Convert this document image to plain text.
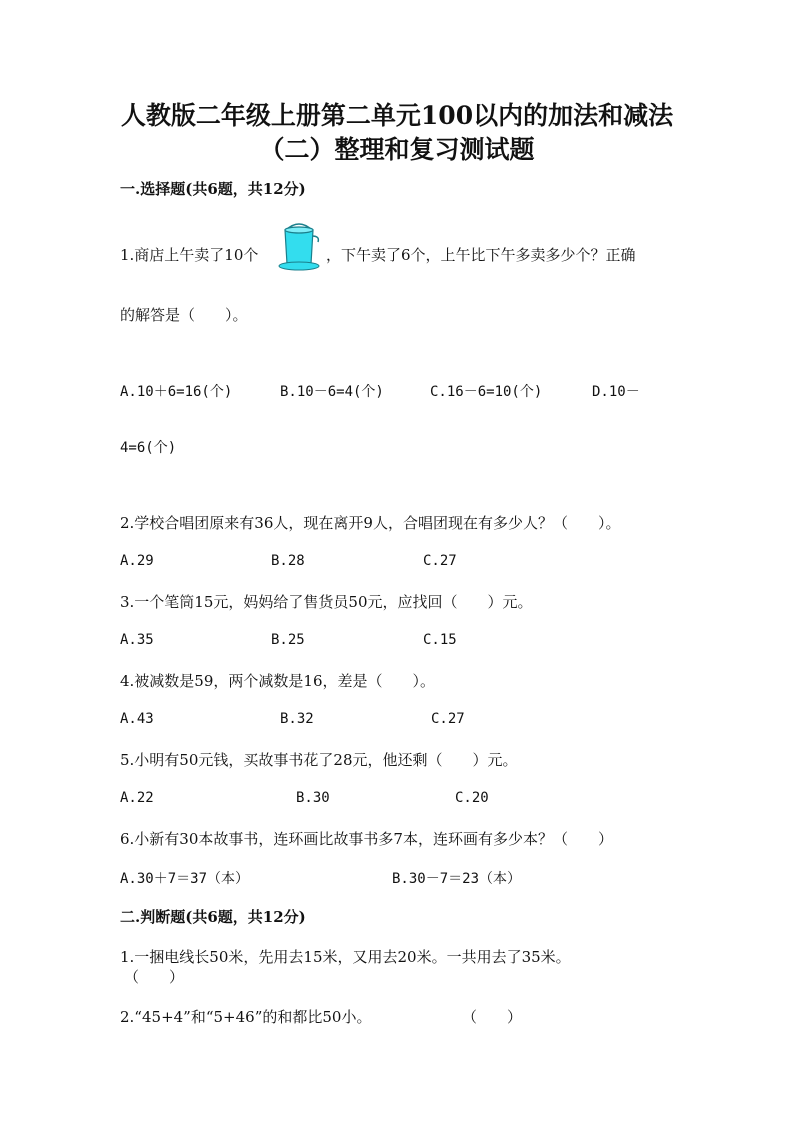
人教版二年级上册第二单元100以内的加法和减法
（二）整理和复习测试题
一.选择题(共6题，共12分)
1.商店上午卖了10个	，下午卖了6个，上午比下午多卖多少个？正确
的解答是（　　）。
A.10＋6=16(个)	B.10－6=4(个)	C.16－6=10(个)	D.10－
4=6(个)
2.学校合唱团原来有36人，现在离开9人，合唱团现在有多少人？（　　）。
A.29	B.28	C.27
3.一个笔筒15元，妈妈给了售货员50元，应找回（　　）元。
A.35	B.25	C.15
4.被减数是59，两个减数是16，差是（　　）。
A.43	B.32	C.27
5.小明有50元钱，买故事书花了28元，他还剩（　　）元。
A.22	B.30	C.20
6.小新有30本故事书，连环画比故事书多7本，连环画有多少本？（　　）
A.30＋7＝37（本）	B.30－7＝23（本）
二.判断题(共6题，共12分)
1.一捆电线长50米，先用去15米，又用去20米。一共用去了35米。
（　　）
2.“45+4”和“5+46”的和都比50小。	（　　）
